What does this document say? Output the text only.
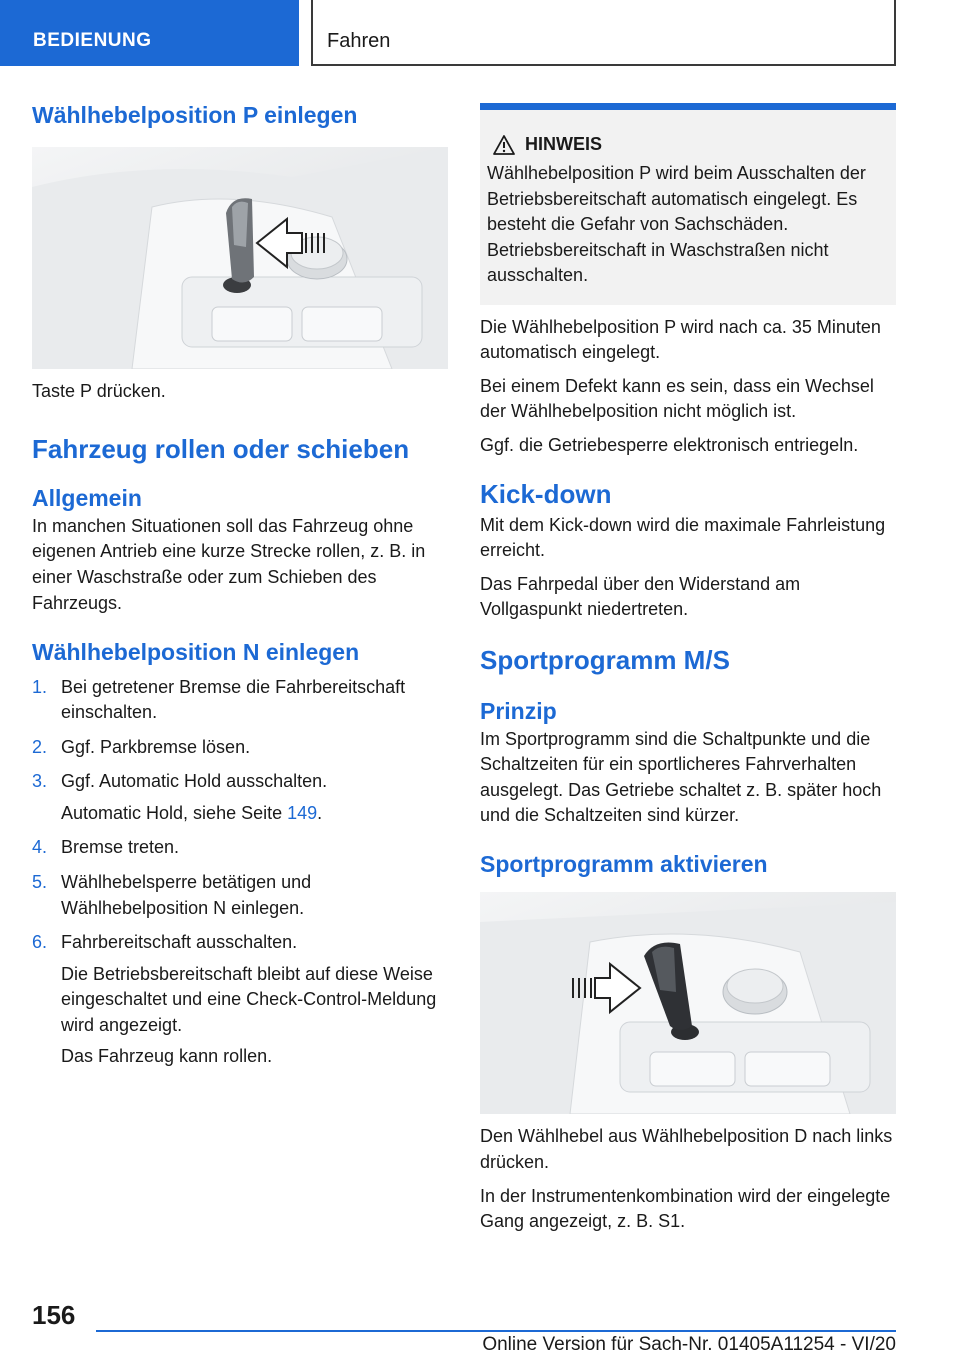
BEDIENUNG	Fahren
Wählhebelposition P einlegen

Taste P drücken.

Fahrzeug rollen oder schieben
Allgemein

In manchen Situationen soll das Fahrzeug ohne eigenen Antrieb eine kurze Strecke rollen, z. B. in einer Waschstraße oder zum Schieben des Fahrzeugs.

Wählhebelposition N einlegen
1. Bei getretener Bremse die Fahrbereitschaft einschalten.
2. Ggf. Parkbremse lösen.
3. Ggf. Automatic Hold ausschalten.
Automatic Hold, siehe Seite 149.
4. Bremse treten.
5. Wählhebelsperre betätigen und Wählhebelposition N einlegen.
6. Fahrbereitschaft ausschalten.
Die Betriebsbereitschaft bleibt auf diese Weise eingeschaltet und eine Check-Control-Meldung wird angezeigt.
Das Fahrzeug kann rollen.
HINWEIS

Wählhebelposition P wird beim Ausschalten der Betriebsbereitschaft automatisch eingelegt. Es besteht die Gefahr von Sachschäden. Betriebsbereitschaft in Waschstraßen nicht ausschalten.

Die Wählhebelposition P wird nach ca. 35 Minuten automatisch eingelegt.

Bei einem Defekt kann es sein, dass ein Wechsel der Wählhebelposition nicht möglich ist.

Ggf. die Getriebesperre elektronisch entriegeln.

Kick-down

Mit dem Kick-down wird die maximale Fahrleistung erreicht.

Das Fahrpedal über den Widerstand am Vollgaspunkt niedertreten.

Sportprogramm M/S
Prinzip

Im Sportprogramm sind die Schaltpunkte und die Schaltzeiten für ein sportlicheres Fahrverhalten ausgelegt. Das Getriebe schaltet z. B. später hoch und die Schaltzeiten sind kürzer.

Sportprogramm aktivieren

Den Wählhebel aus Wählhebelposition D nach links drücken.

In der Instrumentenkombination wird der eingelegte Gang angezeigt, z. B. S1.

156
Online Version für Sach-Nr. 01405A11254 - VI/20
